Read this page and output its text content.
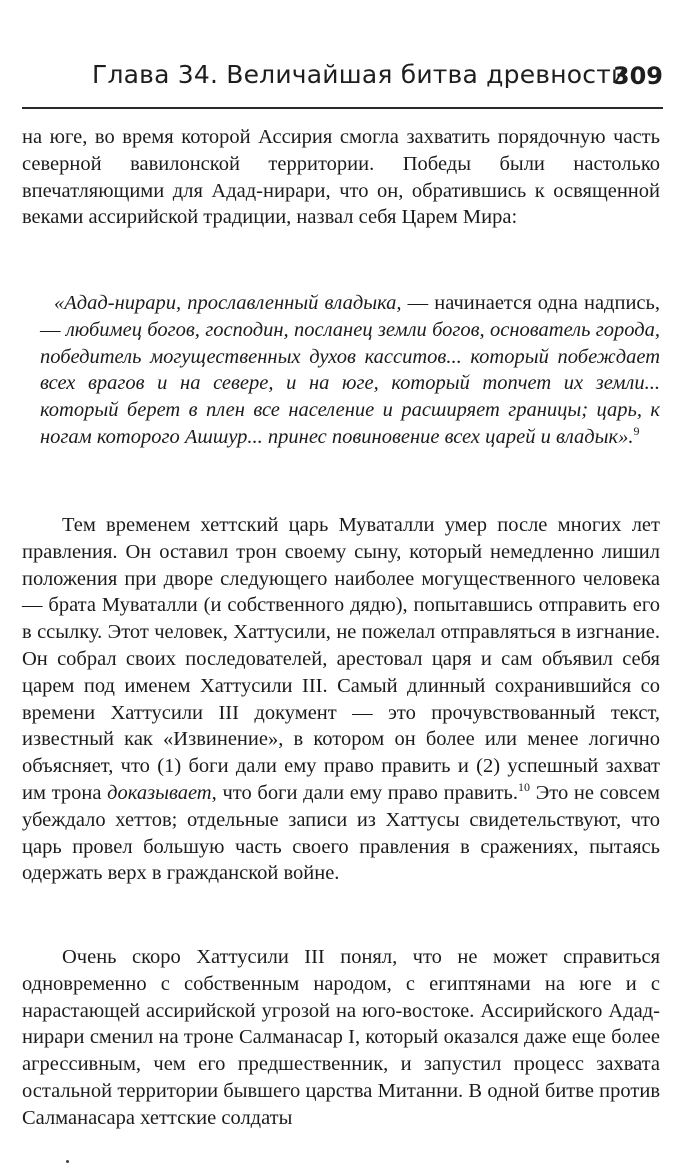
Глава 34. Величайшая битва древности
309

на юге, во время которой Ассирия смогла захватить порядочную часть северной вавилонской территории. Победы были настолько впечатляющими для Адад-нирари, что он, обратившись к освященной веками ассирийской традиции, назвал себя Царем Мира:

«Адад-нирари, прославленный владыка, — начинается одна надпись, — любимец богов, господин, посланец земли богов, основатель города, победитель могущественных духов касситов... который побеждает всех врагов и на севере, и на юге, который топчет их земли... который берет в плен все население и расширяет границы; царь, к ногам которого Ашшур... принес повиновение всех царей и владык».$^9$

Тем временем хеттский царь Муваталли умер после многих лет правления. Он оставил трон своему сыну, который немедленно лишил положения при дворе следующего наиболее могущественного человека — брата Муваталли (и собственного дядю), попытавшись отправить его в ссылку. Этот человек, Хаттусили, не пожелал отправляться в изгнание. Он собрал своих последователей, арестовал царя и сам объявил себя царем под именем Хаттусили III. Самый длинный сохранившийся со времени Хаттусили III документ — это прочувствованный текст, известный как «Извинение», в котором он более или менее логично объясняет, что (1) боги дали ему право править и (2) успешный захват им трона доказывает, что боги дали ему право править.$^{10}$ Это не совсем убеждало хеттов; отдельные записи из Хаттусы свидетельствуют, что царь провел большую часть своего правления в сражениях, пытаясь одержать верх в гражданской войне.

Очень скоро Хаттусили III понял, что не может справиться одновременно с собственным народом, с египтянами на юге и с нарастающей ассирийской угрозой на юго-востоке. Ассирийского Адад-нирари сменил на троне Салманасар I, который оказался даже еще более агрессивным, чем его предшественник, и запустил процесс захвата остальной территории бывшего царства Митанни. В одной битве против Салманасара хеттские солдаты
